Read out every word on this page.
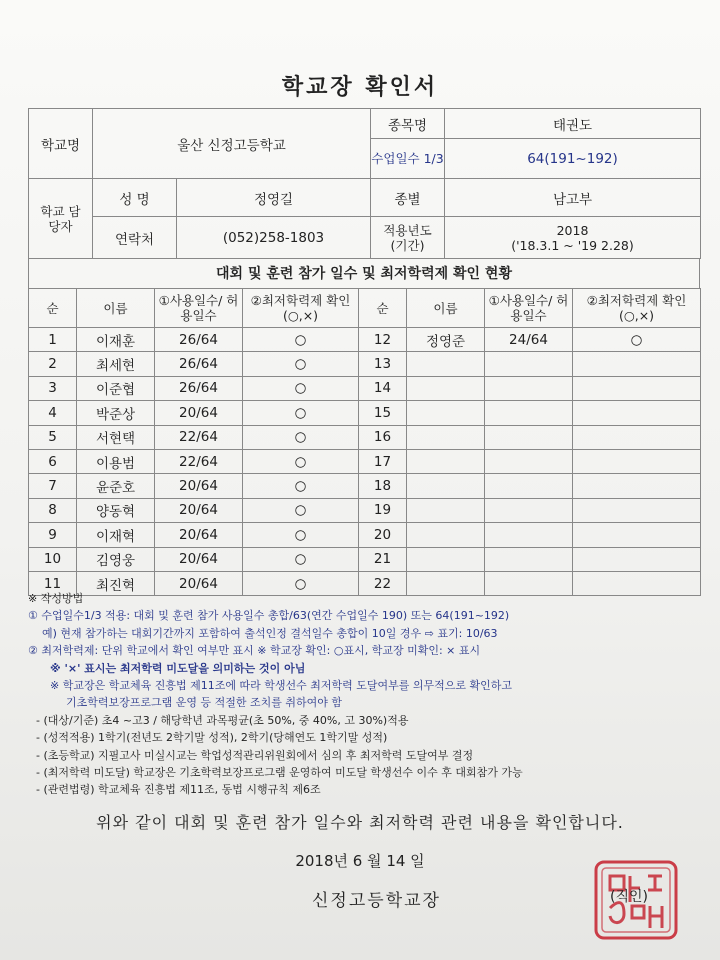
학교장 확인서
학교명	울산 신정고등학교		종목명	태권도
			수업일수 1/3	64(191~192)
학교 담당자	성 명	정영길	종별	남고부
	연락처	(052)258-1803	적용년도 (기간)	2018
('18.3.1 ~ '19 2.28)
대회 및 훈련 참가 일수 및 최저학력제 확인 현황
순	이름	①사용일수/ 허용일수	②최저학력제 확인(○,×)	순	이름	①사용일수/ 허용일수	②최저학력제 확인(○,×)
1	이재훈	26/64	○	12	정영준	24/64	○
2	최세현	26/64	○	13			
3	이준협	26/64	○	14			
4	박준상	20/64	○	15			
5	서현택	22/64	○	16			
6	이용범	22/64	○	17			
7	윤준호	20/64	○	18			
8	양동혁	20/64	○	19			
9	이재혁	20/64	○	20			
10	김영웅	20/64	○	21			
11	최진혁	20/64	○	22			
※ 작성방법
① 수업일수1/3 적용: 대회 및 훈련 참가 사용일수 총합/63(연간 수업일수 190) 또는 64(191~192)
예) 현재 참가하는 대회기간까지 포함하여 출석인정 결석일수 총합이 10일 경우 ⇨ 표기: 10/63
② 최저학력제: 단위 학교에서 확인 여부만 표시 ※ 학교장 확인: ○표시, 학교장 미확인: × 표시
※ '×' 표시는 최저학력 미도달을 의미하는 것이 아님
※ 학교장은 학교체육 진흥법 제11조에 따라 학생선수 최저학력 도달여부를 의무적으로 확인하고
기초학력보장프로그램 운영 등 적절한 조치를 취하여야 함
- (대상/기준) 초4 ~고3 / 해당학년 과목평균(초 50%, 중 40%, 고 30%)적용
- (성적적용) 1학기(전년도 2학기말 성적), 2학기(당해연도 1학기말 성적)
- (초등학교) 지필고사 미실시교는 학업성적관리위원회에서 심의 후 최저학력 도달여부 결정
- (최저학력 미도달) 학교장은 기초학력보장프로그램 운영하여 미도달 학생선수 이수 후 대회참가 가능
- (관련법령) 학교체육 진흥법 제11조, 동법 시행규칙 제6조
위와 같이 대회 및 훈련 참가 일수와 최저학력 관련 내용을 확인합니다.
2018년 6 월 14 일
신정고등학교장	(직인)
